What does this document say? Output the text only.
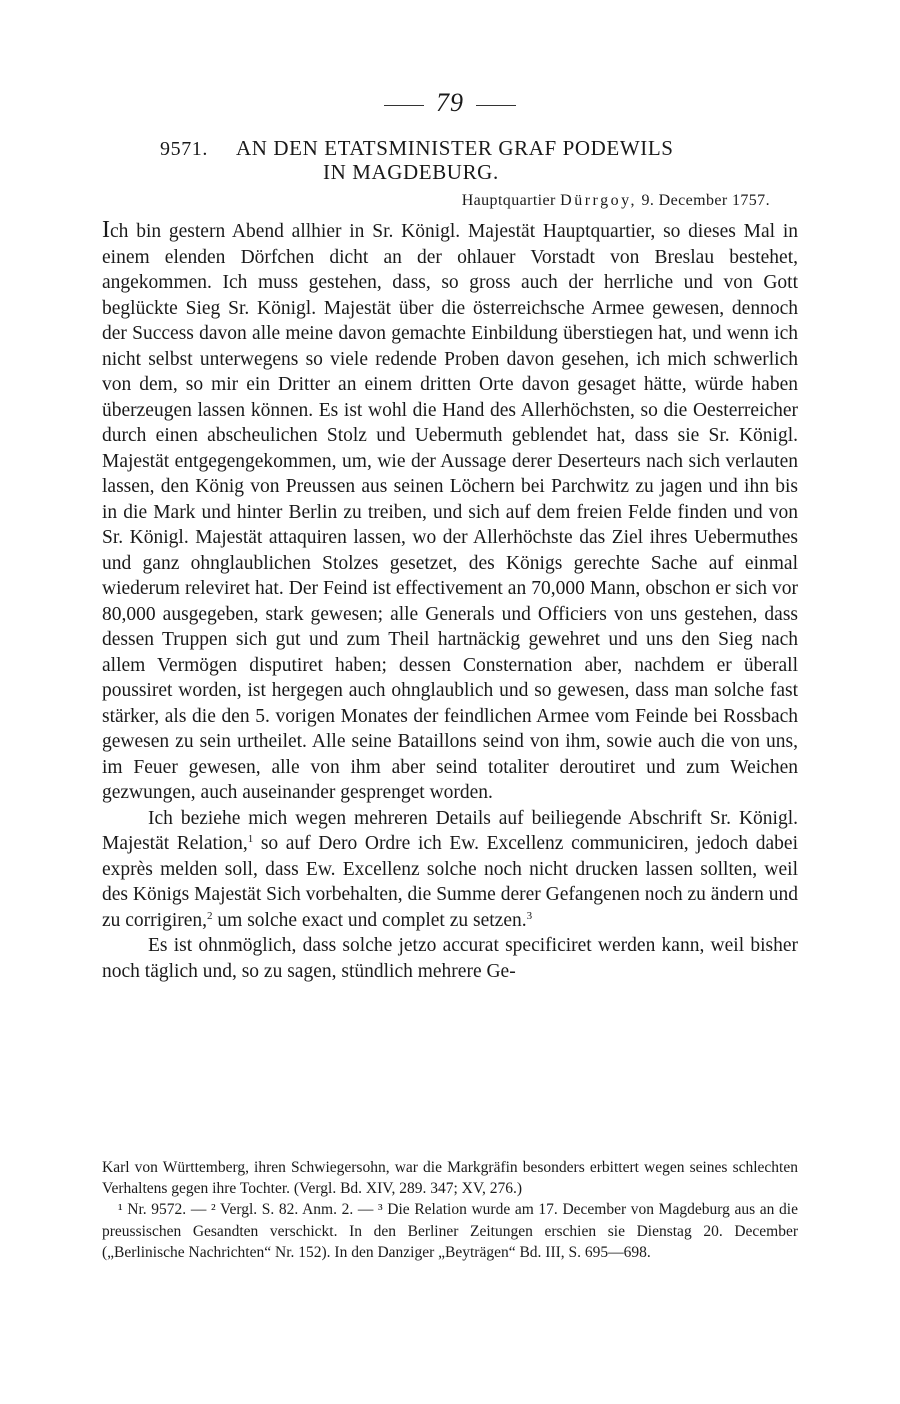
79
9571. AN DEN ETATSMINISTER GRAF PODEWILS
IN MAGDEBURG.
Hauptquartier Dürrgoy, 9. December 1757.

Ich bin gestern Abend allhier in Sr. Königl. Majestät Hauptquartier, so dieses Mal in einem elenden Dörfchen dicht an der ohlauer Vorstadt von Breslau bestehet, angekommen. Ich muss gestehen, dass, so gross auch der herrliche und von Gott beglückte Sieg Sr. Königl. Majestät über die österreichsche Armee gewesen, dennoch der Success davon alle meine davon gemachte Einbildung überstiegen hat, und wenn ich nicht selbst unterwegens so viele redende Proben davon gesehen, ich mich schwerlich von dem, so mir ein Dritter an einem dritten Orte davon gesaget hätte, würde haben überzeugen lassen können. Es ist wohl die Hand des Allerhöchsten, so die Oesterreicher durch einen abscheulichen Stolz und Uebermuth geblendet hat, dass sie Sr. Königl. Majestät entgegengekommen, um, wie der Aussage derer Deserteurs nach sich verlauten lassen, den König von Preussen aus seinen Löchern bei Parchwitz zu jagen und ihn bis in die Mark und hinter Berlin zu treiben, und sich auf dem freien Felde finden und von Sr. Königl. Majestät attaquiren lassen, wo der Allerhöchste das Ziel ihres Uebermuthes und ganz ohnglaublichen Stolzes gesetzet, des Königs gerechte Sache auf einmal wiederum releviret hat. Der Feind ist effectivement an 70,000 Mann, obschon er sich vor 80,000 ausgegeben, stark gewesen; alle Generals und Officiers von uns gestehen, dass dessen Truppen sich gut und zum Theil hartnäckig gewehret und uns den Sieg nach allem Vermögen disputiret haben; dessen Consternation aber, nachdem er überall poussiret worden, ist hergegen auch ohnglaublich und so gewesen, dass man solche fast stärker, als die den 5. vorigen Monates der feindlichen Armee vom Feinde bei Rossbach gewesen zu sein urtheilet. Alle seine Bataillons seind von ihm, sowie auch die von uns, im Feuer gewesen, alle von ihm aber seind totaliter deroutiret und zum Weichen gezwungen, auch auseinander gesprenget worden.

Ich beziehe mich wegen mehreren Details auf beiliegende Abschrift Sr. Königl. Majestät Relation,$^1$ so auf Dero Ordre ich Ew. Excellenz communiciren, jedoch dabei exprès melden soll, dass Ew. Excellenz solche noch nicht drucken lassen sollten, weil des Königs Majestät Sich vorbehalten, die Summe derer Gefangenen noch zu ändern und zu corrigiren,$^2$ um solche exact und complet zu setzen.$^3$

Es ist ohnmöglich, dass solche jetzo accurat specificiret werden kann, weil bisher noch täglich und, so zu sagen, stündlich mehrere Ge-

Karl von Württemberg, ihren Schwiegersohn, war die Markgräfin besonders erbittert wegen seines schlechten Verhaltens gegen ihre Tochter. (Vergl. Bd. XIV, 289. 347; XV, 276.)

¹ Nr. 9572. — ² Vergl. S. 82. Anm. 2. — ³ Die Relation wurde am 17. December von Magdeburg aus an die preussischen Gesandten verschickt. In den Berliner Zeitungen erschien sie Dienstag 20. December („Berlinische Nachrichten“ Nr. 152). In den Danziger „Beyträgen“ Bd. III, S. 695—698.
